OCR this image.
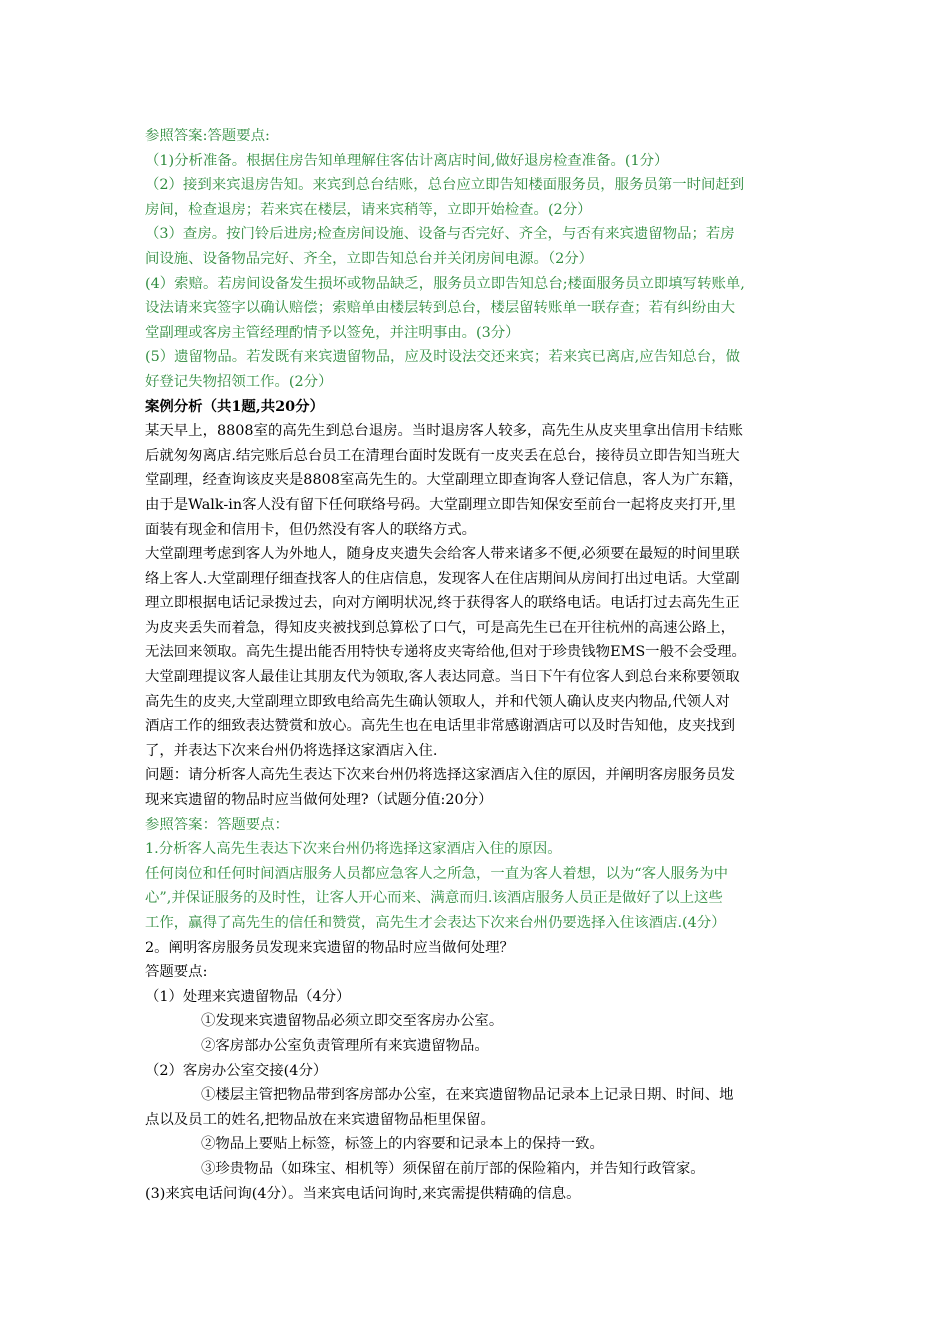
参照答案:答题要点:
（1)分析准备。根据住房告知单理解住客估计离店时间,做好退房检查准备。(1分）
（2）接到来宾退房告知。来宾到总台结账，总台应立即告知楼面服务员，服务员第一时间赶到
房间，检查退房；若来宾在楼层，请来宾稍等，立即开始检查。(2分）
（3）查房。按门铃后进房;检查房间设施、设备与否完好、齐全，与否有来宾遗留物品；若房
间设施、设备物品完好、齐全，立即告知总台并关闭房间电源。（2分）
(4）索赔。若房间设备发生损坏或物品缺乏，服务员立即告知总台;楼面服务员立即填写转账单,
设法请来宾签字以确认赔偿；索赔单由楼层转到总台，楼层留转账单一联存查；若有纠纷由大
堂副理或客房主管经理酌情予以签免，并注明事由。(3分）
(5）遗留物品。若发既有来宾遗留物品，应及时设法交还来宾；若来宾已离店,应告知总台，做
好登记失物招领工作。(2分）
案例分析（共1题,共20分）
某天早上，8808室的高先生到总台退房。当时退房客人较多，高先生从皮夹里拿出信用卡结账
后就匆匆离店.结完账后总台员工在清理台面时发既有一皮夹丢在总台，接待员立即告知当班大
堂副理，经查询该皮夹是8808室高先生的。大堂副理立即查询客人登记信息，客人为广东籍，
由于是Walk-in客人没有留下任何联络号码。大堂副理立即告知保安至前台一起将皮夹打开,里
面装有现金和信用卡，但仍然没有客人的联络方式。
大堂副理考虑到客人为外地人，随身皮夹遗失会给客人带来诸多不便,必须要在最短的时间里联
络上客人.大堂副理仔细查找客人的住店信息，发现客人在住店期间从房间打出过电话。大堂副
理立即根据电话记录拨过去，向对方阐明状况,终于获得客人的联络电话。电话打过去高先生正
为皮夹丢失而着急，得知皮夹被找到总算松了口气，可是高先生已在开往杭州的高速公路上，
无法回来领取。高先生提出能否用特快专递将皮夹寄给他,但对于珍贵钱物EMS一般不会受理。
大堂副理提议客人最佳让其朋友代为领取,客人表达同意。当日下午有位客人到总台来称要领取
高先生的皮夹,大堂副理立即致电给高先生确认领取人，并和代领人确认皮夹内物品,代领人对
酒店工作的细致表达赞赏和放心。高先生也在电话里非常感谢酒店可以及时告知他，皮夹找到
了，并表达下次来台州仍将选择这家酒店入住.
问题：请分析客人高先生表达下次来台州仍将选择这家酒店入住的原因，并阐明客房服务员发
现来宾遗留的物品时应当做何处理?（试题分值:20分）
参照答案：答题要点：
1.分析客人高先生表达下次来台州仍将选择这家酒店入住的原因。
任何岗位和任何时间酒店服务人员都应急客人之所急，一直为客人着想，以为“客人服务为中
心”,并保证服务的及时性，让客人开心而来、满意而归.该酒店服务人员正是做好了以上这些
工作，赢得了高先生的信任和赞赏，高先生才会表达下次来台州仍要选择入住该酒店.(4分）
2。阐明客房服务员发现来宾遗留的物品时应当做何处理？
答题要点:
（1）处理来宾遗留物品（4分）
①发现来宾遗留物品必须立即交至客房办公室。
②客房部办公室负责管理所有来宾遗留物品。
（2）客房办公室交接(4分）
①楼层主管把物品带到客房部办公室，在来宾遗留物品记录本上记录日期、时间、地
点以及员工的姓名,把物品放在来宾遗留物品柜里保留。
②物品上要贴上标签，标签上的内容要和记录本上的保持一致。
③珍贵物品（如珠宝、相机等）须保留在前厅部的保险箱内，并告知行政管家。
(3)来宾电话问询(4分）。当来宾电话问询时,来宾需提供精确的信息。
